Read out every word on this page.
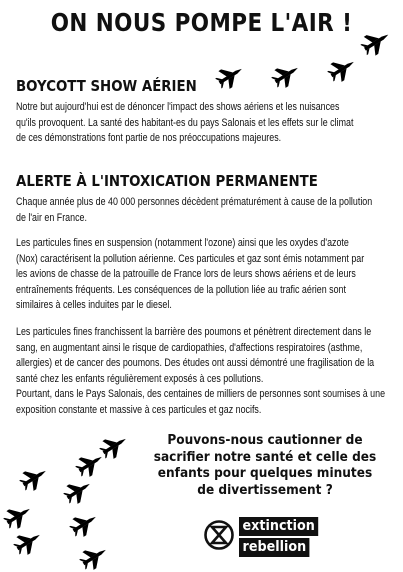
ON NOUS POMPE L'AIR !
BOYCOTT SHOW AÉRIEN
Notre but aujourd'hui est de dénoncer l'impact des shows aériens et les nuisances
qu'ils provoquent. La santé des habitant-es du pays Salonais et les effets sur le climat
de ces démonstrations font partie de nos préoccupations majeures.
ALERTE À L'INTOXICATION PERMANENTE
Chaque année plus de 40 000 personnes décèdent prématurément à cause de la pollution
de l'air en France.
Les particules fines en suspension (notamment l'ozone) ainsi que les oxydes d'azote
(Nox) caractérisent la pollution aérienne. Ces particules et gaz sont émis notamment par
les avions de chasse de la patrouille de France lors de leurs shows aériens et de leurs
entraînements fréquents. Les conséquences de la pollution liée au trafic aérien sont
similaires à celles induites par le diesel.
Les particules fines franchissent la barrière des poumons et pénètrent directement dans le
sang, en augmentant ainsi le risque de cardiopathies, d'affections respiratoires (asthme,
allergies) et de cancer des poumons. Des études ont aussi démontré une fragilisation de la
santé chez les enfants régulièrement exposés à ces pollutions.
Pourtant, dans le Pays Salonais, des centaines de milliers de personnes sont soumises à une
exposition constante et massive à ces particules et gaz nocifs.
Pouvons-nous cautionner de
sacrifier notre santé et celle des
enfants pour quelques minutes
de divertissement ?
extinction
rebellion
